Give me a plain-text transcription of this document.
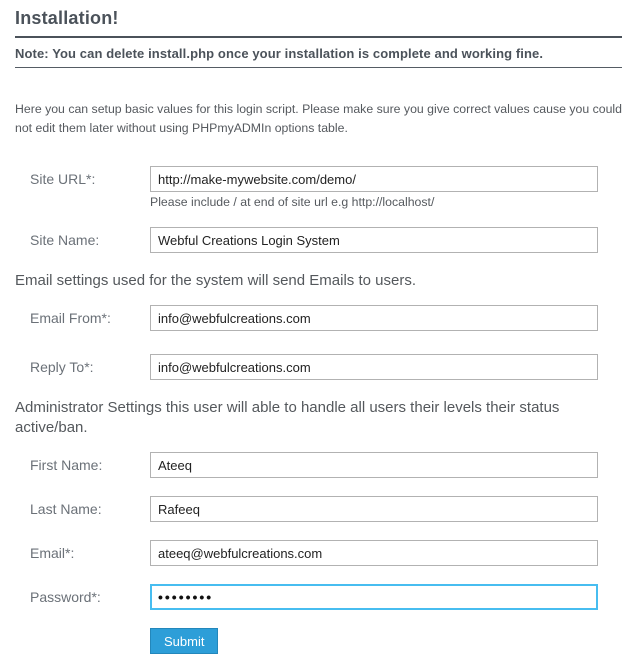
Installation!
Note: You can delete install.php once your installation is complete and working fine.

Here you can setup basic values for this login script. Please make sure you give correct values cause you could not edit them later without using PHPmyADMIn options table.

Site URL*:
http://make-mywebsite.com/demo/
Please include / at end of site url e.g http://localhost/
Site Name:
Webful Creations Login System

Email settings used for the system will send Emails to users.

Email From*:
info@webfulcreations.com
Reply To*:
info@webfulcreations.com

Administrator Settings this user will able to handle all users their levels their status active/ban.

First Name:
Ateeq
Last Name:
Rafeeq
Email*:
ateeq@webfulcreations.com
Password*:
••••••••
Submit
